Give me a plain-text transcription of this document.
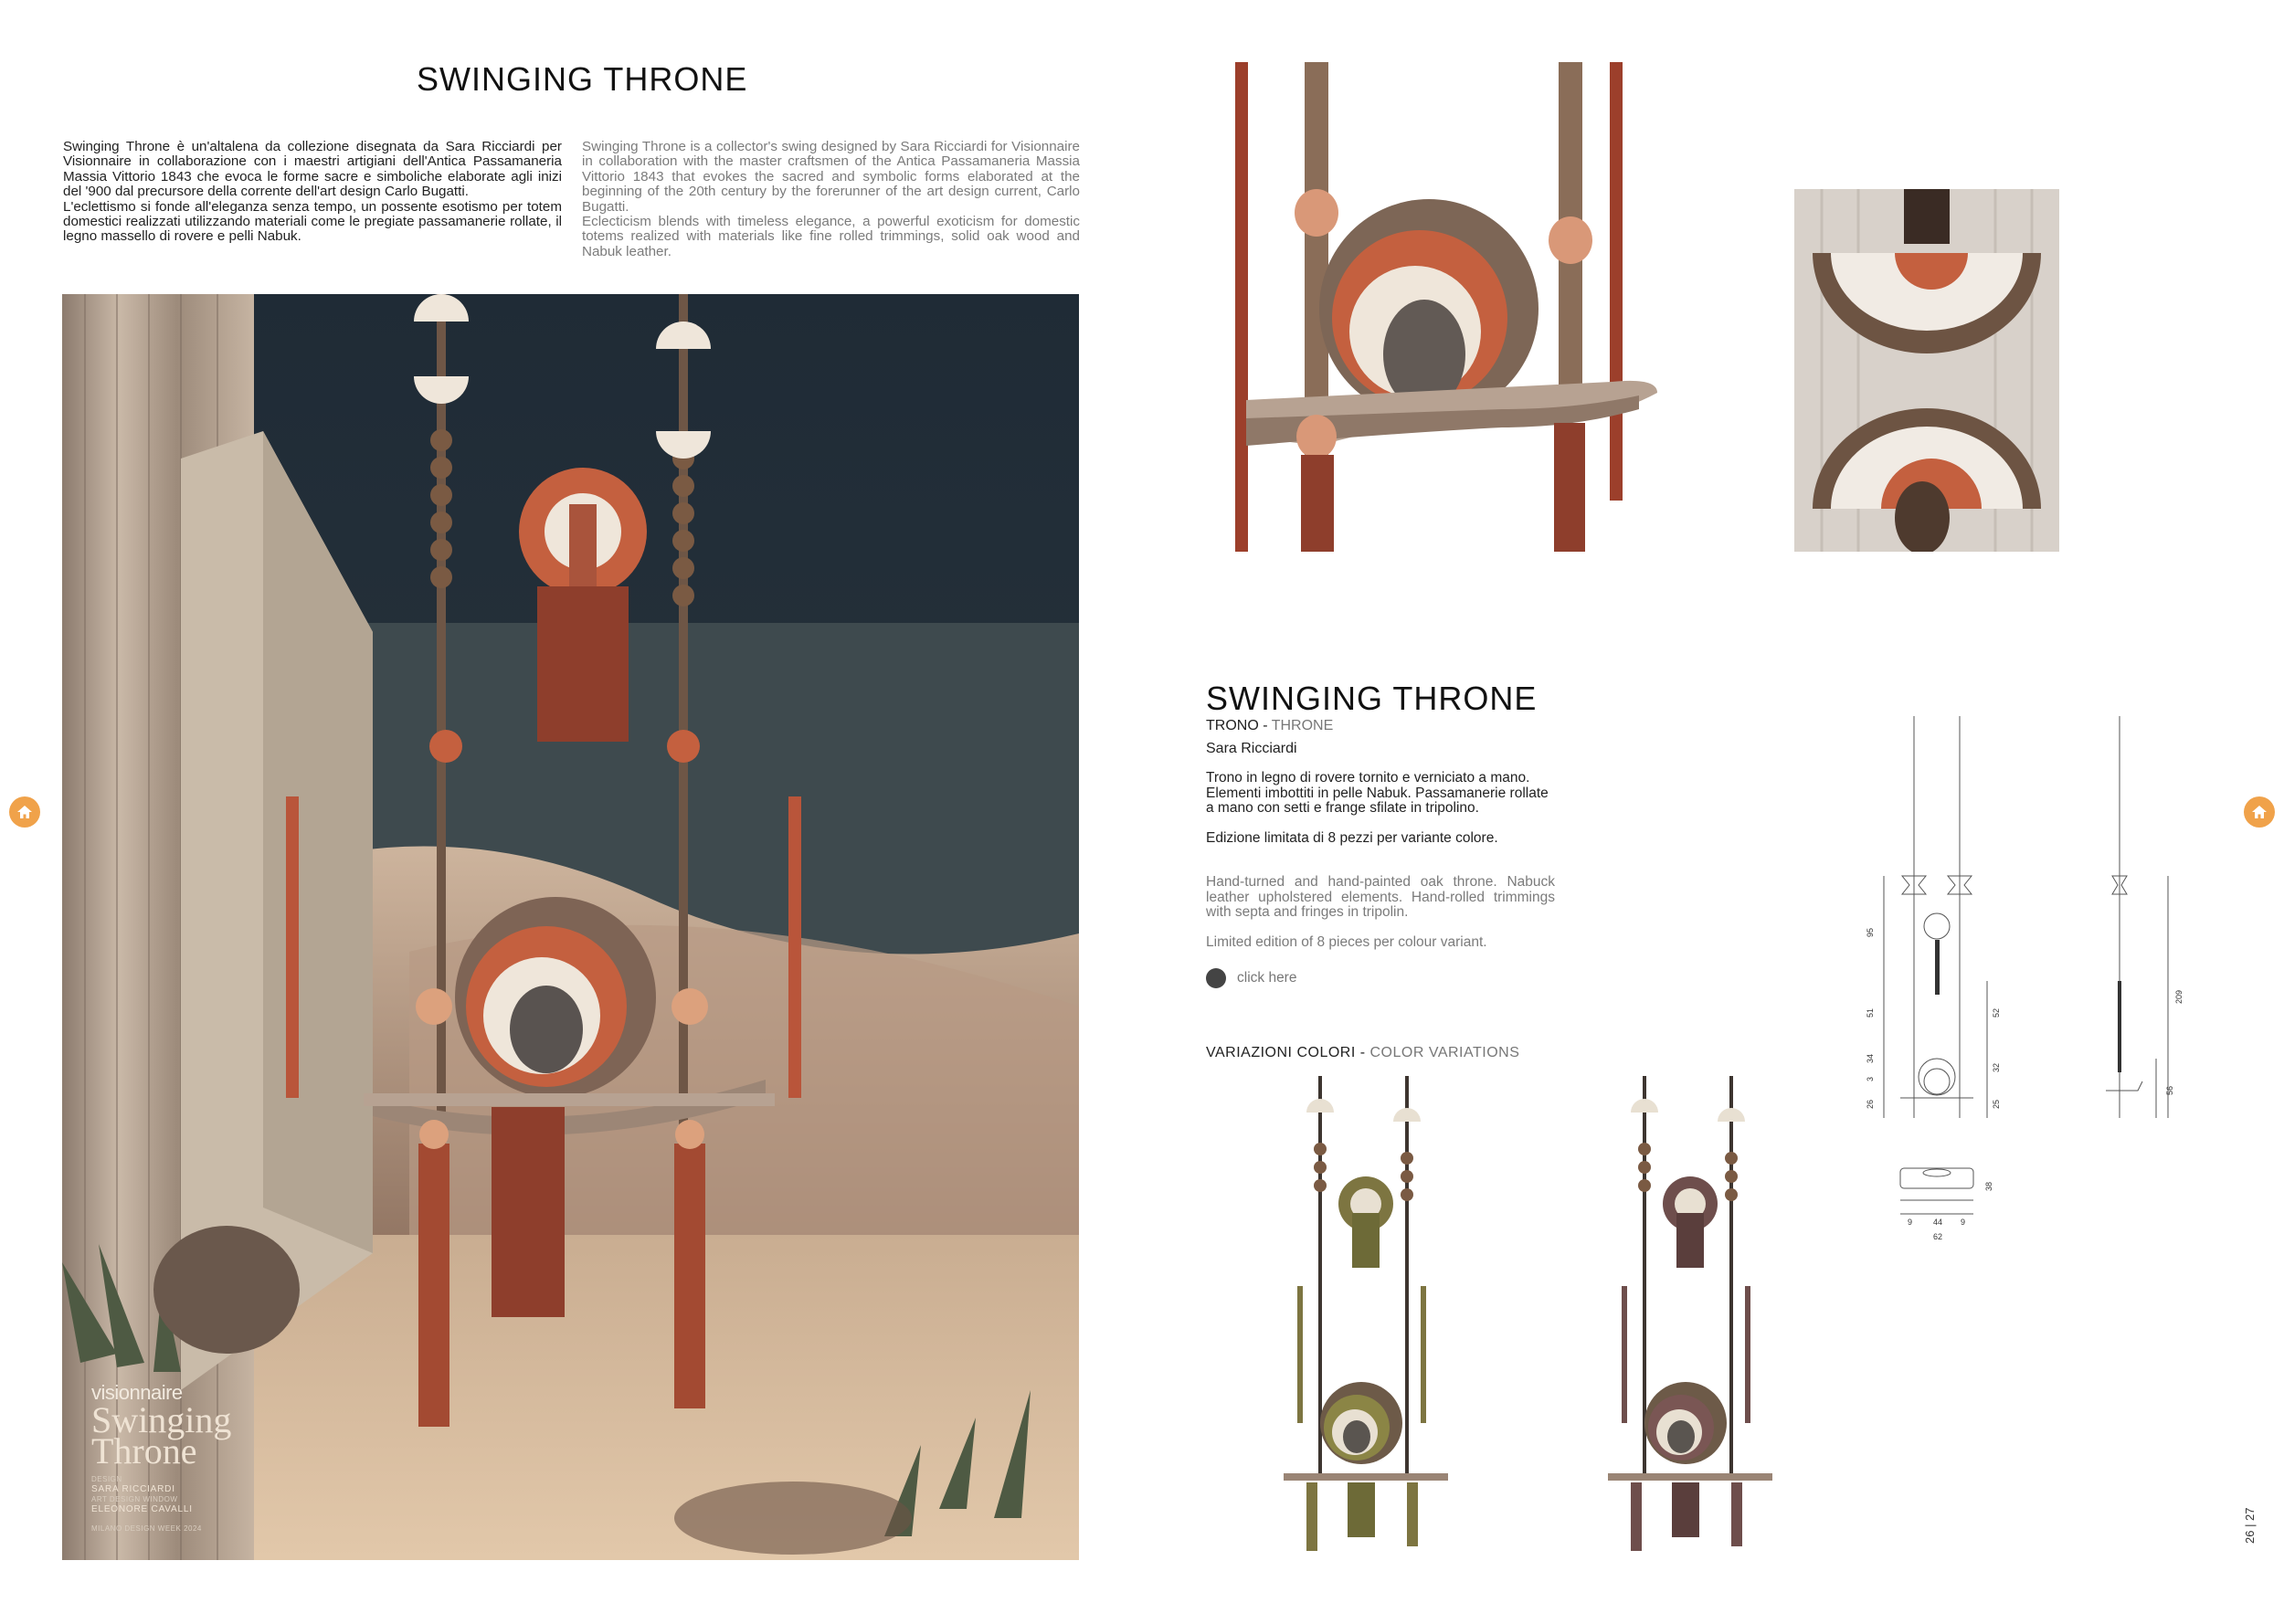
SWINGING THRONE

Swinging Throne è un'altalena da collezione disegnata da Sara Ricciardi per Visionnaire in collaborazione con i maestri artigiani dell'Antica Passamaneria Massia Vittorio 1843 che evoca le forme sacre e simboliche elaborate agli inizi del '900 dal precursore della corrente dell'art design Carlo Bugatti.

L'eclettismo si fonde all'eleganza senza tempo, un possente esotismo per totem domestici realizzati utilizzando materiali come le pregiate passamanerie rollate, il legno massello di rovere e pelli Nabuk.

Swinging Throne is a collector's swing designed by Sara Ricciardi for Visionnaire in collaboration with the master craftsmen of the Antica Passamaneria Massia Vittorio 1843 that evokes the sacred and symbolic forms elaborated at the beginning of the 20th century by the forerunner of the art design current, Carlo Bugatti.

Eclecticism blends with timeless elegance, a powerful exoticism for domestic totems realized with materials like fine rolled trimmings, solid oak wood and Nabuk leather.

visionnaire
Swinging
Throne
DESIGN
SARA RICCIARDI
ART DESIGN WINDOW
ELEONORE CAVALLI
MILANO DESIGN WEEK 2024
SWINGING THRONE
TRONO - THRONE
Sara Ricciardi

Trono in legno di rovere tornito e verniciato a mano. Elementi imbottiti in pelle Nabuk. Passamanerie rollate a mano con setti e frange sfilate in tripolino.

Edizione limitata di 8 pezzi per variante colore.

Hand-turned and hand-painted oak throne. Nabuck leather upholstered elements. Hand-rolled trimmings with septa and fringes in tripolin.

Limited edition of 8 pieces per colour variant.

click here
VARIAZIONI COLORI - COLOR VARIATIONS
95
51
34
3
26
52
32
25
209
56
9	44 9
62
38
26 | 27
